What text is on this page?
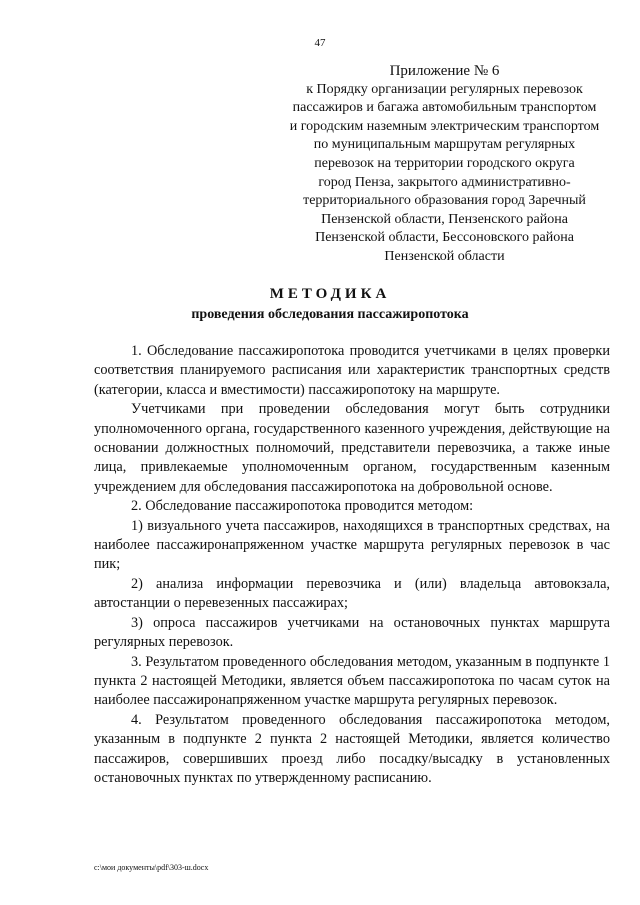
47
Приложение № 6
к Порядку организации регулярных перевозок
пассажиров и багажа автомобильным транспортом
и городским наземным электрическим транспортом
по муниципальным маршрутам регулярных
перевозок на территории городского округа
город Пенза, закрытого административно-
территориального образования город Заречный
Пензенской области, Пензенского района
Пензенской области, Бессоновского района
Пензенской области
МЕТОДИКА
проведения обследования пассажиропотока

1. Обследование пассажиропотока проводится учетчиками в целях проверки соответствия планируемого расписания или характеристик транспортных средств (категории, класса и вместимости) пассажиропотоку на маршруте.

Учетчиками при проведении обследования могут быть сотрудники уполномоченного органа, государственного казенного учреждения, действующие на основании должностных полномочий, представители перевозчика, а также иные лица, привлекаемые уполномоченным органом, государственным казенным учреждением для обследования пассажиропотока на добровольной основе.

2. Обследование пассажиропотока проводится методом:

1) визуального учета пассажиров, находящихся в транспортных средствах, на наиболее пассажиронапряженном участке маршрута регулярных перевозок в час пик;

2) анализа информации перевозчика и (или) владельца автовокзала, автостанции о перевезенных пассажирах;

3) опроса пассажиров учетчиками на остановочных пунктах маршрута регулярных перевозок.

3. Результатом проведенного обследования методом, указанным в подпункте 1 пункта 2 настоящей Методики, является объем пассажиропотока по часам суток на наиболее пассажиронапряженном участке маршрута регулярных перевозок.

4. Результатом проведенного обследования пассажиропотока методом, указанным в подпункте 2 пункта 2 настоящей Методики, является количество пассажиров, совершивших проезд либо посадку/высадку в установленных остановочных пунктах по утвержденному расписанию.

c:\мои документы\pdf\303-ш.docx
